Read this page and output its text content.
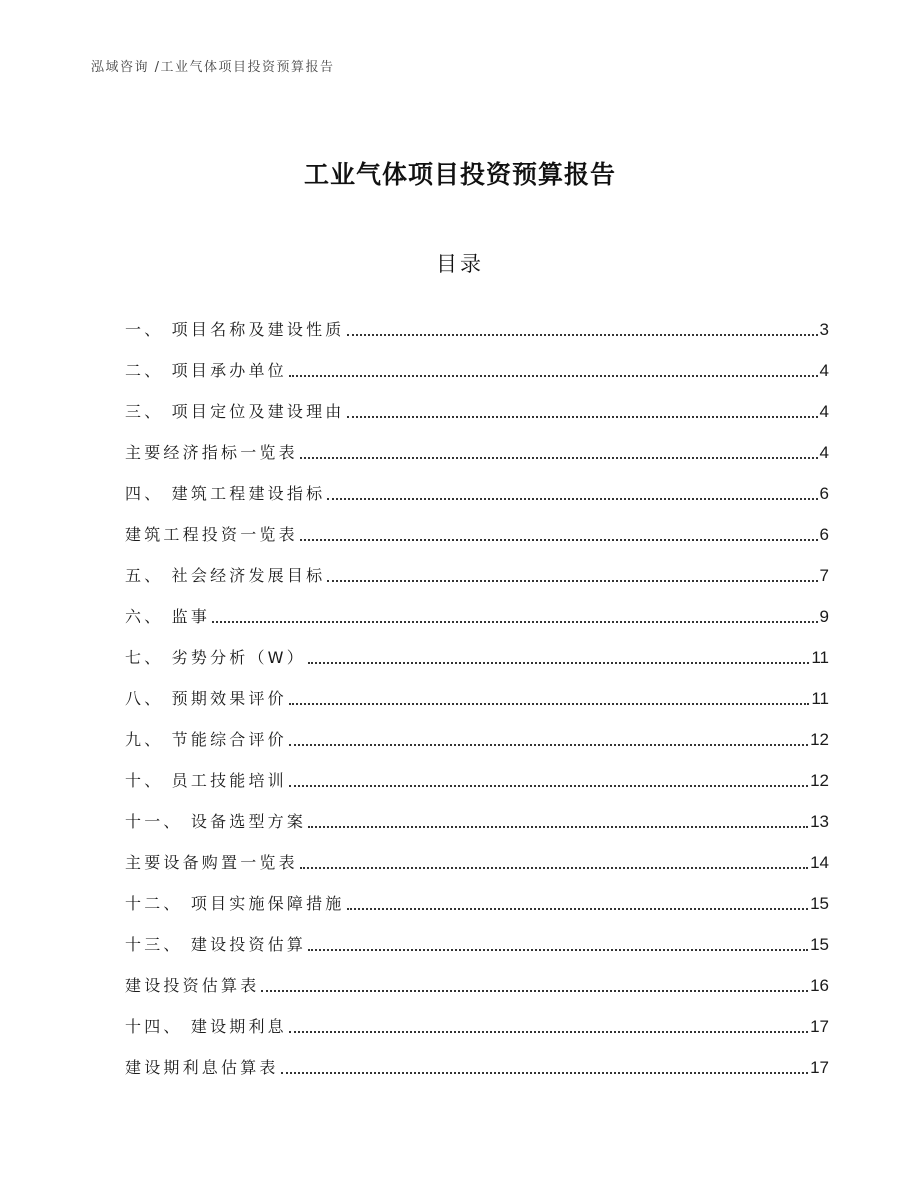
泓域咨询 /工业气体项目投资预算报告
工业气体项目投资预算报告
目录
一、 项目名称及建设性质	3
二、 项目承办单位	4
三、 项目定位及建设理由	4
主要经济指标一览表	4
四、 建筑工程建设指标	6
建筑工程投资一览表	6
五、 社会经济发展目标	7
六、 监事	9
七、 劣势分析（W）	11
八、 预期效果评价	11
九、 节能综合评价	12
十、 员工技能培训	12
十一、 设备选型方案	13
主要设备购置一览表	14
十二、 项目实施保障措施	15
十三、 建设投资估算	15
建设投资估算表	16
十四、 建设期利息	17
建设期利息估算表	17
